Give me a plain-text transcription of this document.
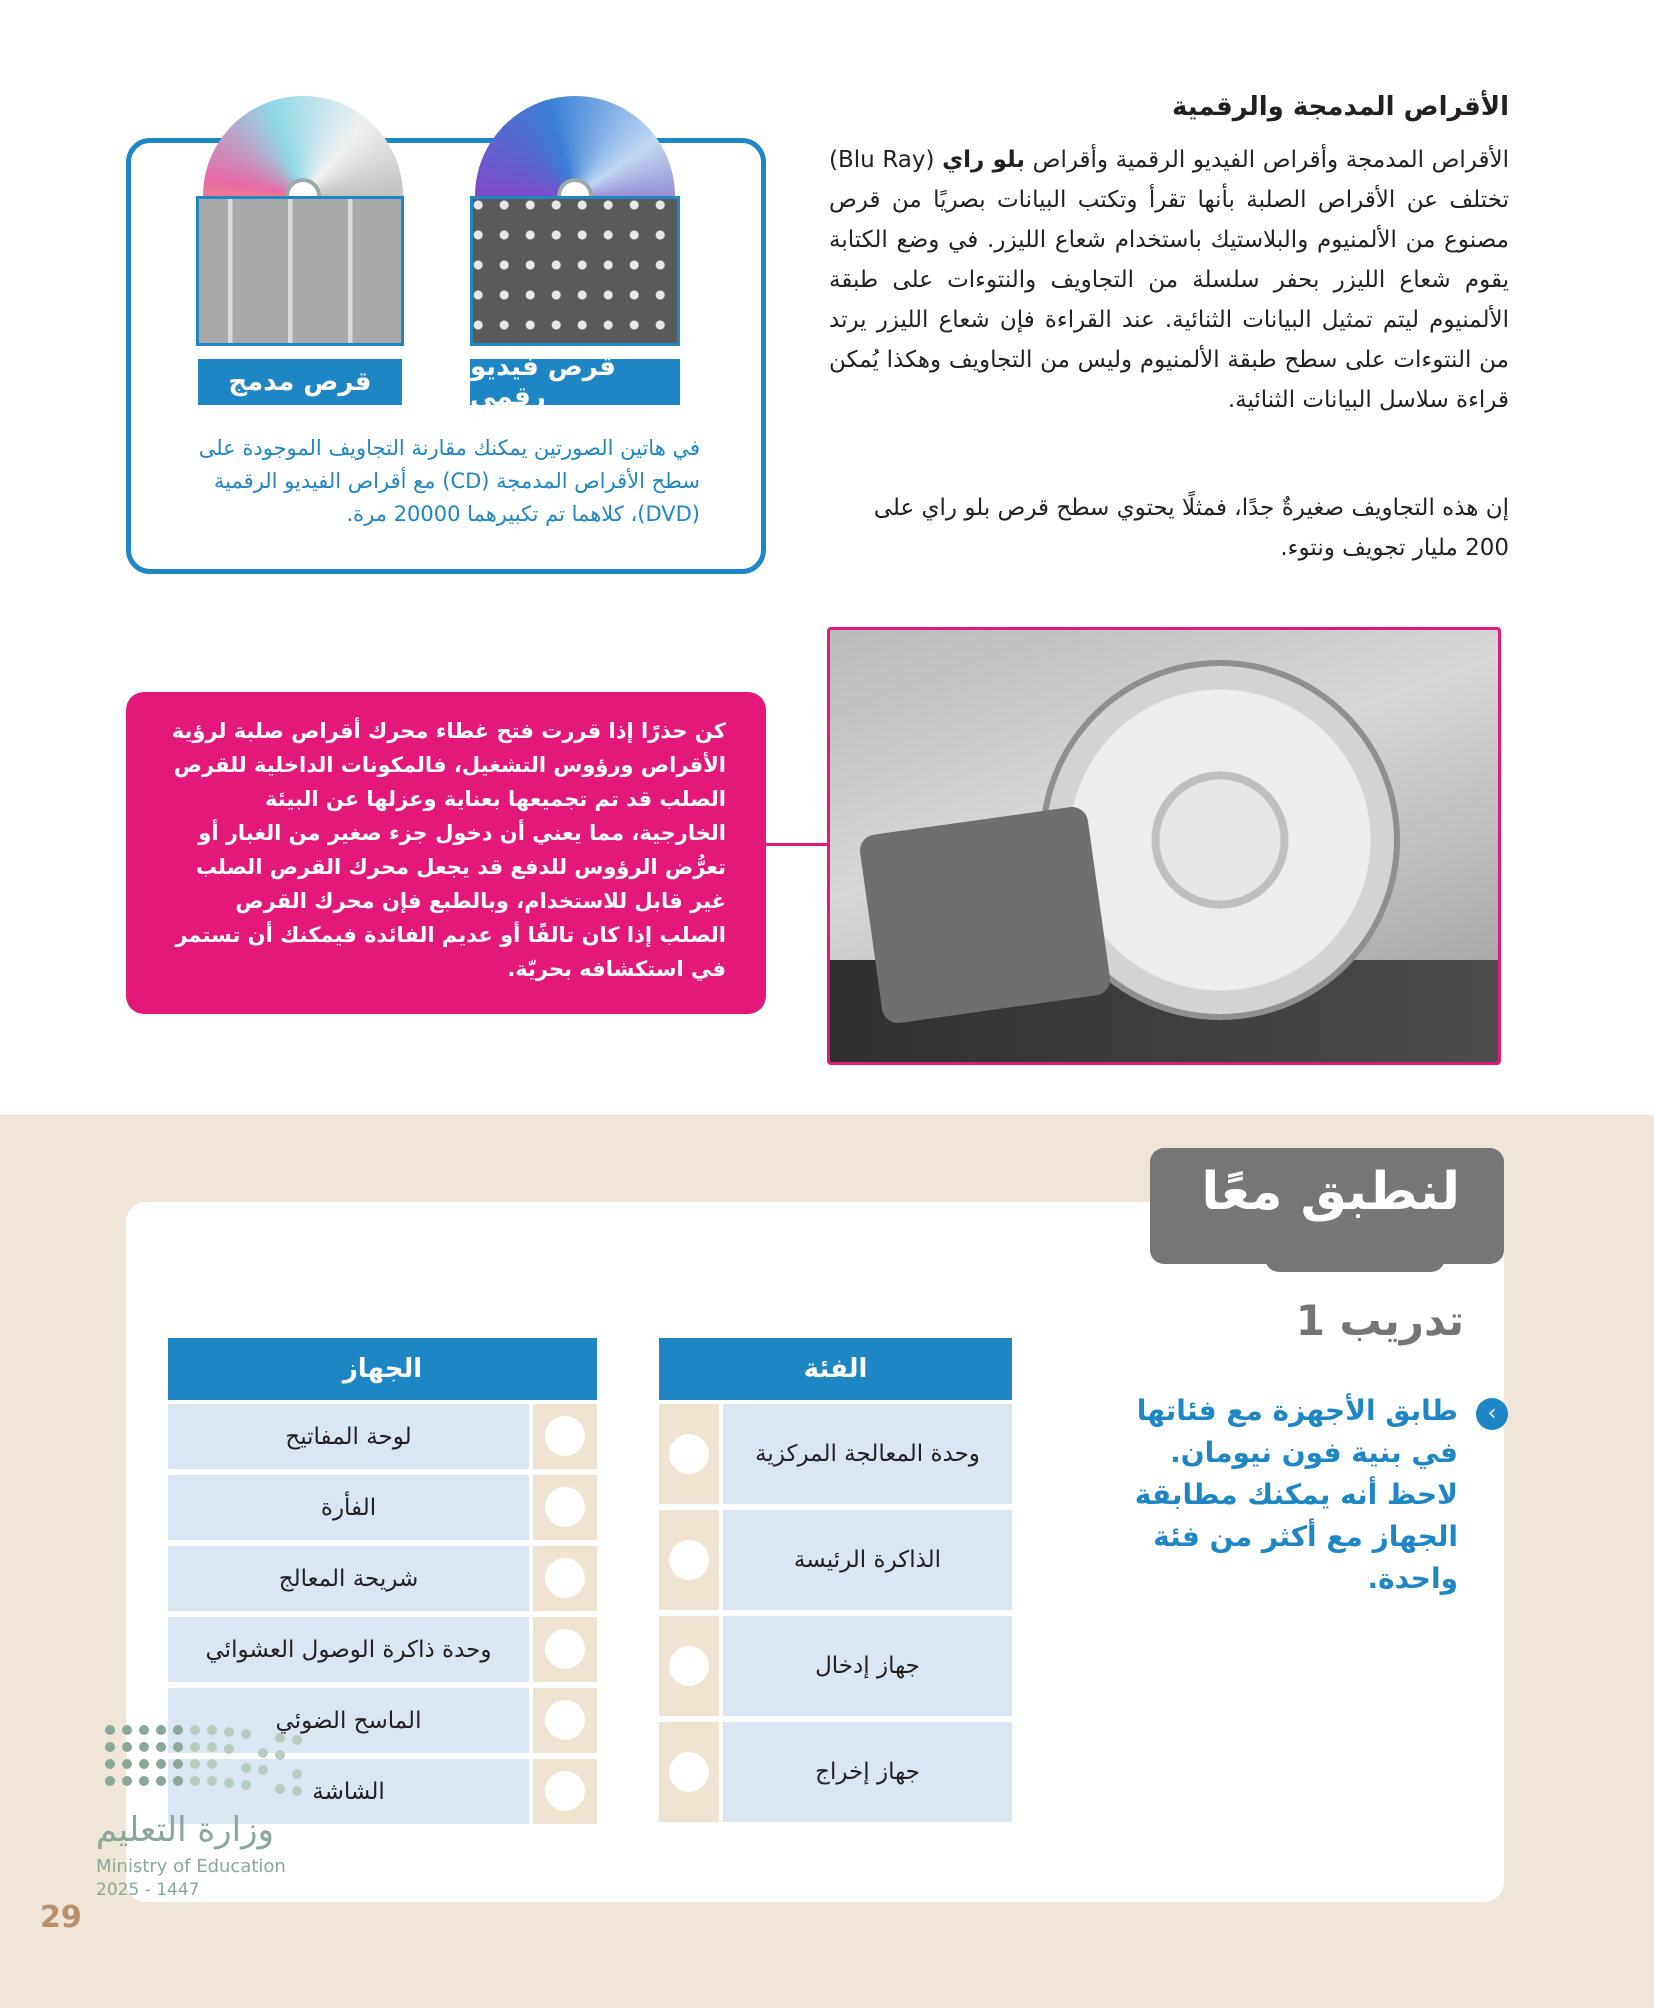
الأقراص المدمجة والرقمية
الأقراص المدمجة وأقراص الفيديو الرقمية وأقراص بلو راي (Blu Ray) تختلف عن الأقراص الصلبة بأنها تقرأ وتكتب البيانات بصريًا من قرص مصنوع من الألمنيوم والبلاستيك باستخدام شعاع الليزر. في وضع الكتابة يقوم شعاع الليزر بحفر سلسلة من التجاويف والنتوءات على طبقة الألمنيوم ليتم تمثيل البيانات الثنائية. عند القراءة فإن شعاع الليزر يرتد من النتوءات على سطح طبقة الألمنيوم وليس من التجاويف وهكذا يُمكن قراءة سلاسل البيانات الثنائية.
إن هذه التجاويف صغيرةٌ جدًا، فمثلًا يحتوي سطح قرص بلو راي على 200 مليار تجويف ونتوء.
قرص فيديو رقمي
قرص مدمج
في هاتين الصورتين يمكنك مقارنة التجاويف الموجودة على سطح الأقراص المدمجة (CD) مع أقراص الفيديو الرقمية (DVD)، كلاهما تم تكبيرهما 20000 مرة.
كن حذرًا إذا قررت فتح غطاء محرك أقراص صلبة لرؤية الأقراص ورؤوس التشغيل، فالمكونات الداخلية للقرص الصلب قد تم تجميعها بعناية وعزلها عن البيئة الخارجية، مما يعني أن دخول جزء صغير من الغبار أو تعرُّض الرؤوس للدفع قد يجعل محرك القرص الصلب غير قابل للاستخدام، وبالطبع فإن محرك القرص الصلب إذا كان تالفًا أو عديم الفائدة فيمكنك أن تستمر في استكشافه بحريّة.
لنطبق معًا
تدريب 1
‹
طابق الأجهزة مع فئاتها في بنية فون نيومان. لاحظ أنه يمكنك مطابقة الجهاز مع أكثر من فئة واحدة.
الفئة
وحدة المعالجة المركزية
الذاكرة الرئيسة
جهاز إدخال
جهاز إخراج
الجهاز
لوحة المفاتيح
الفأرة
شريحة المعالج
وحدة ذاكرة الوصول العشوائي
الماسح الضوئي
الشاشة
وزارة التعليم
Ministry of Education
2025 - 1447
29
